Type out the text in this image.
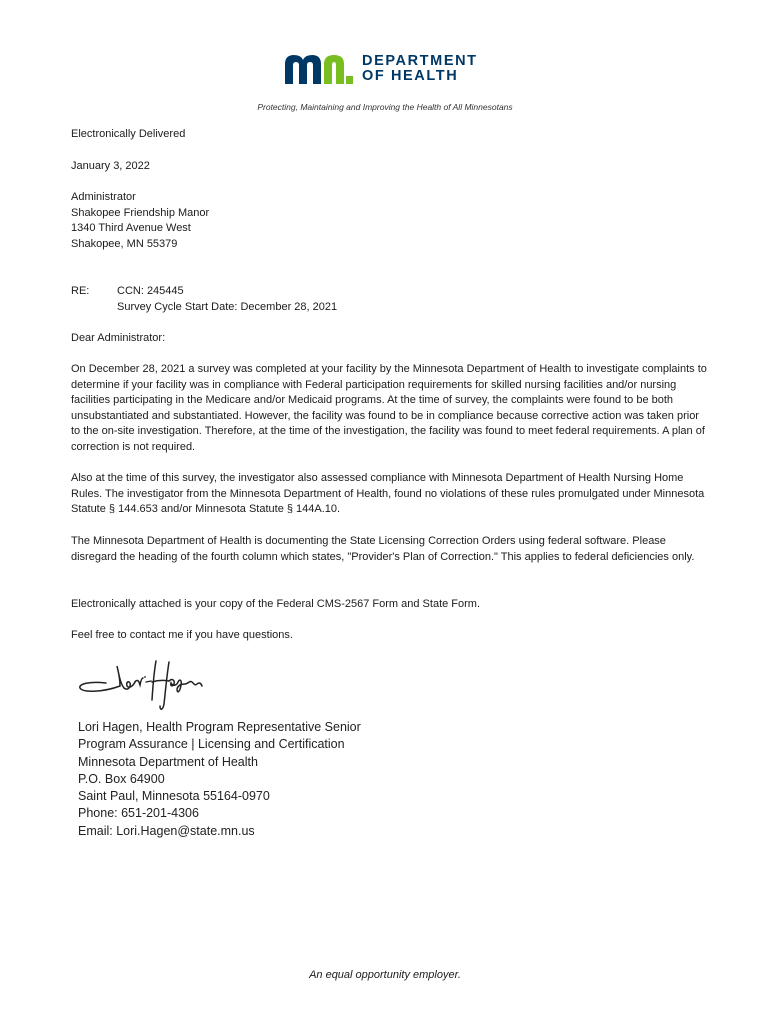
DEPARTMENT
OF HEALTH
Protecting, Maintaining and Improving the Health of All Minnesotans

Electronically Delivered

January 3, 2022

Administrator
Shakopee Friendship Manor
1340 Third Avenue West
Shakopee, MN 55379
RE:	CCN: 245445
Survey Cycle Start Date: December 28, 2021

Dear Administrator:

On December 28, 2021 a survey was completed at your facility by the Minnesota Department of Health to investigate complaints to determine if your facility was in compliance with Federal participation requirements for skilled nursing facilities and/or nursing facilities participating in the Medicare and/or Medicaid programs. At the time of survey, the complaints were found to be both unsubstantiated and substantiated. However, the facility was found to be in compliance because corrective action was taken prior to the on-site investigation. Therefore, at the time of the investigation, the facility was found to meet federal requirements. A plan of correction is not required.

Also at the time of this survey, the investigator also assessed compliance with Minnesota Department of Health Nursing Home Rules. The investigator from the Minnesota Department of Health, found no violations of these rules promulgated under Minnesota Statute § 144.653 and/or Minnesota Statute § 144A.10.

The Minnesota Department of Health is documenting the State Licensing Correction Orders using federal software. Please disregard the heading of the fourth column which states, "Provider's Plan of Correction." This applies to federal deficiencies only.

Electronically attached is your copy of the Federal CMS-2567 Form and State Form.

Feel free to contact me if you have questions.

Lori Hagen, Health Program Representative Senior
Program Assurance | Licensing and Certification
Minnesota Department of Health
P.O. Box 64900
Saint Paul, Minnesota 55164-0970
Phone: 651-201-4306
Email: Lori.Hagen@state.mn.us
An equal opportunity employer.
